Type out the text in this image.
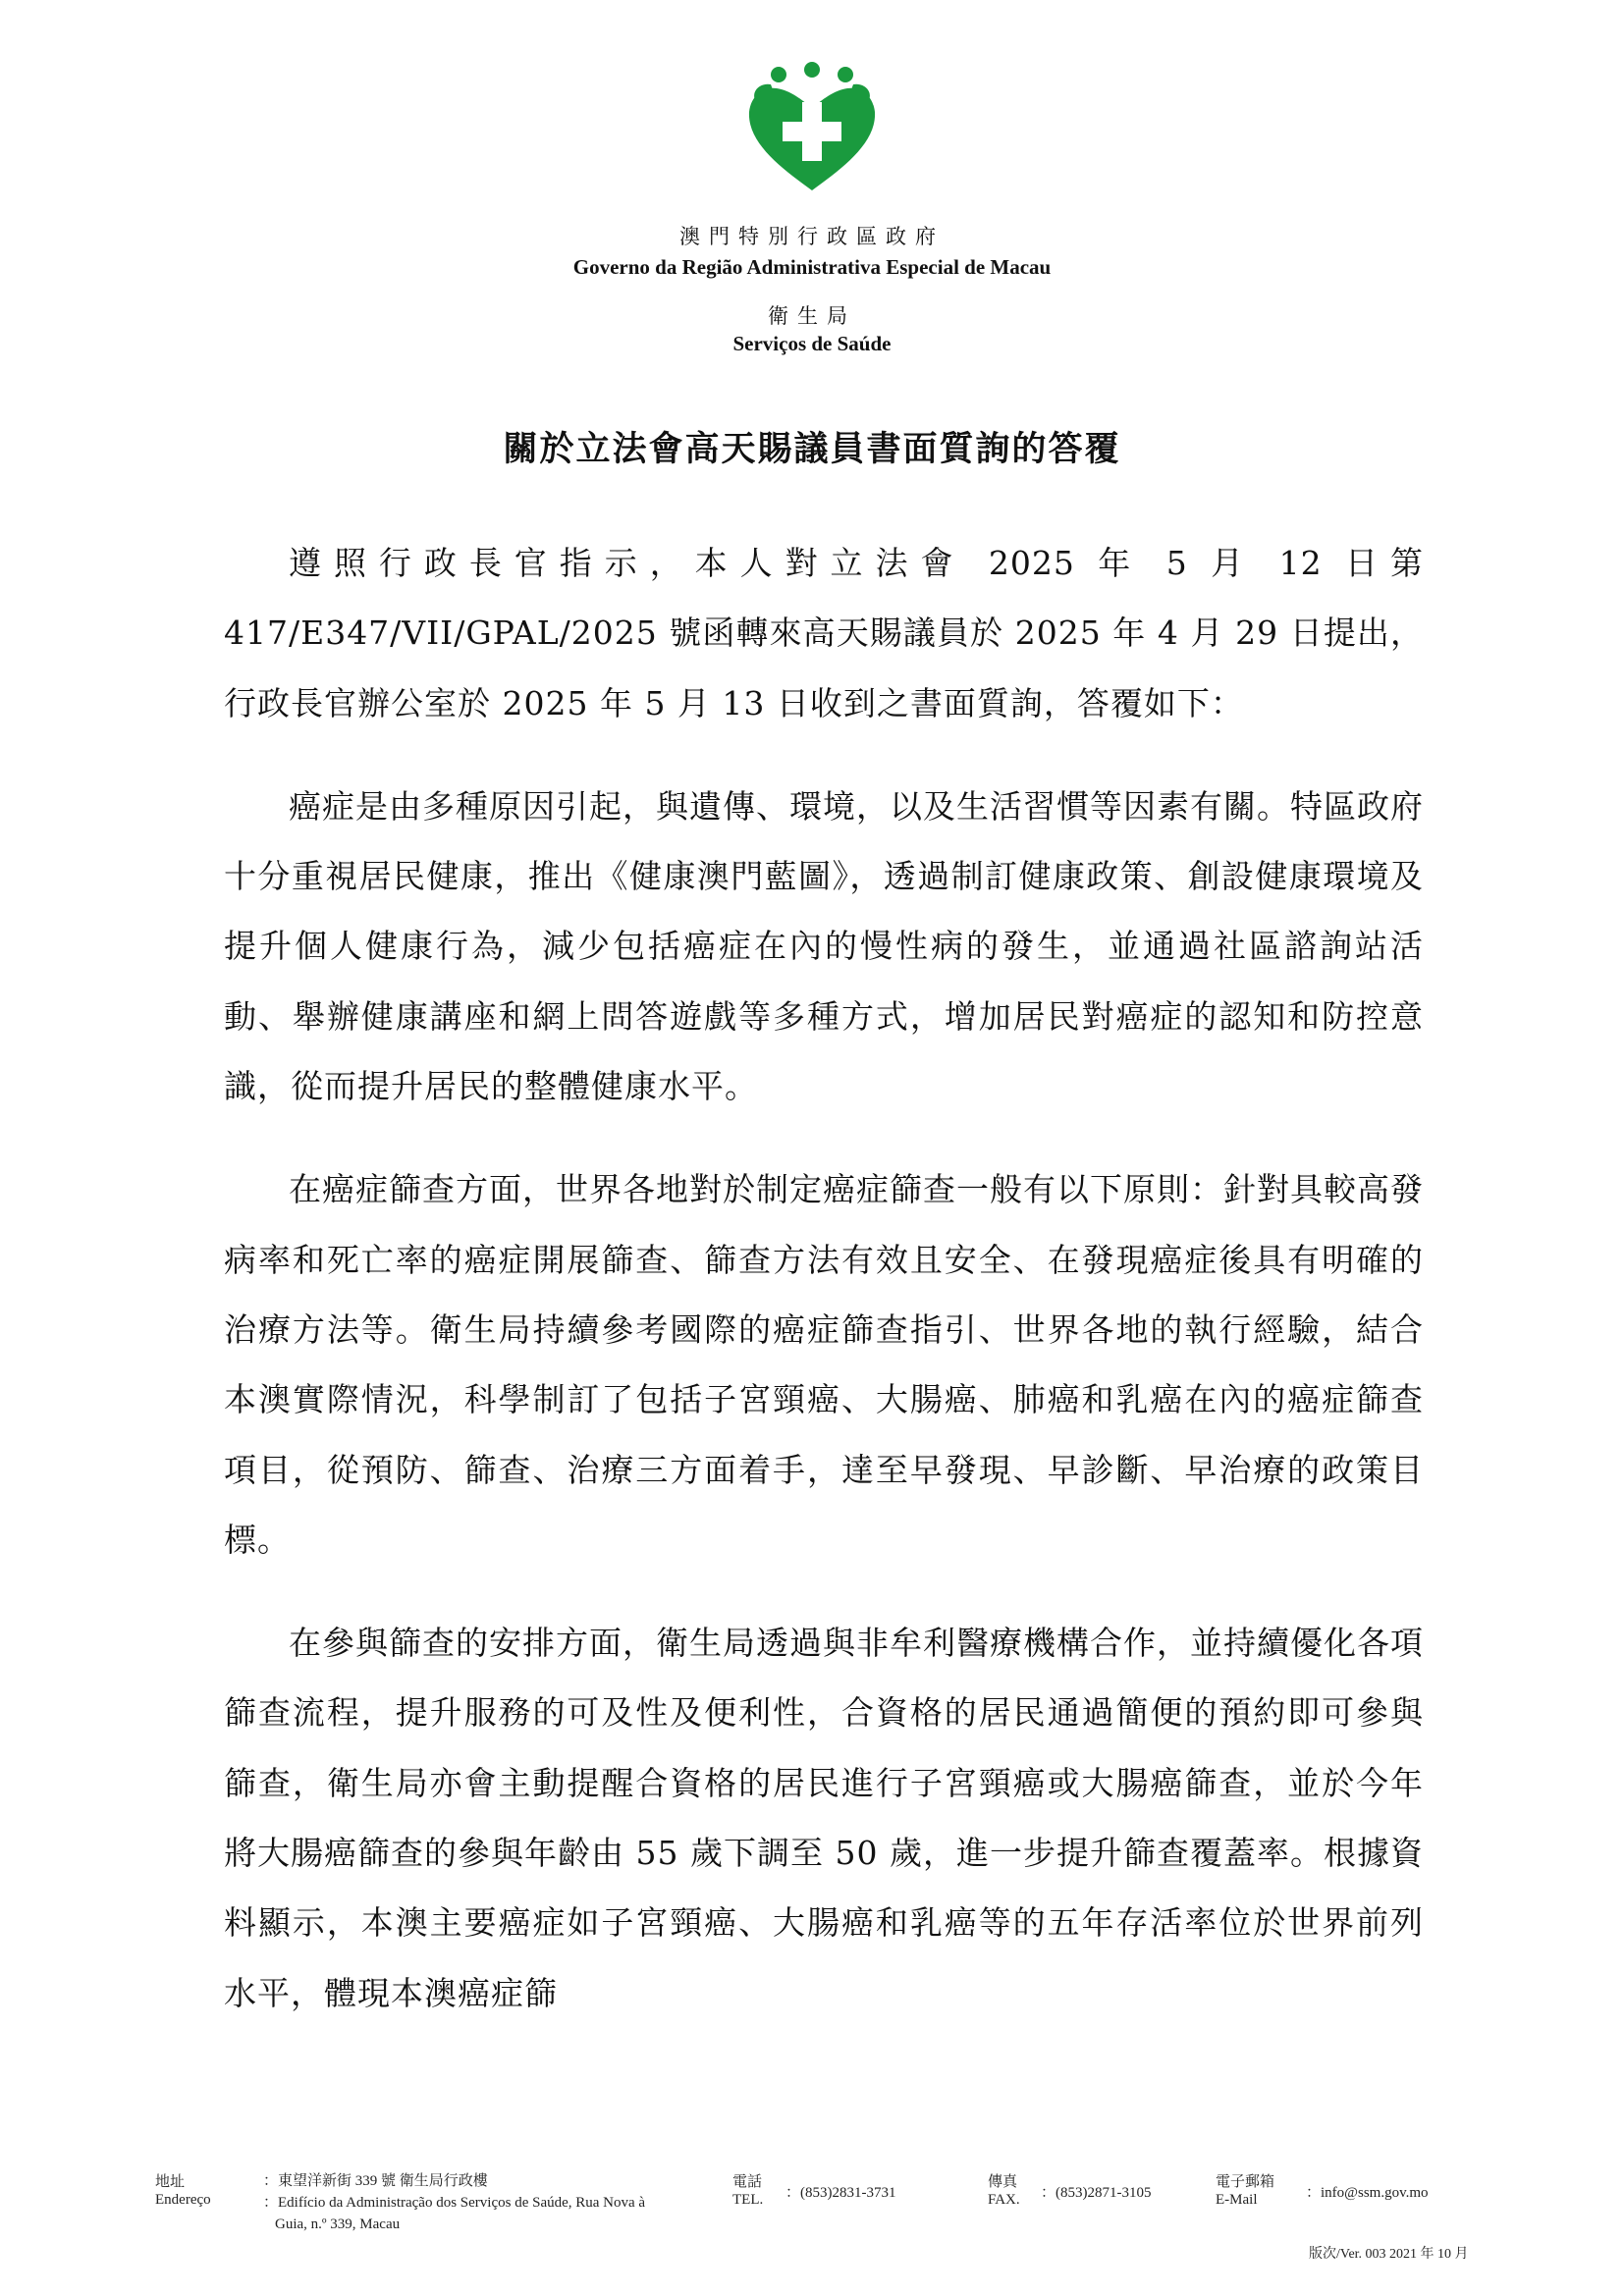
澳門特別行政區政府

Governo da Região Administrativa Especial de Macau

衛生局

Serviços de Saúde

關於立法會高天賜議員書面質詢的答覆

遵照行政長官指示，本人對立法會 2025 年 5 月 12 日第 417/E347/VII/GPAL/2025 號函轉來高天賜議員於 2025 年 4 月 29 日提出，行政長官辦公室於 2025 年 5 月 13 日收到之書面質詢，答覆如下：

癌症是由多種原因引起，與遺傳、環境，以及生活習慣等因素有關。特區政府十分重視居民健康，推出《健康澳門藍圖》，透過制訂健康政策、創設健康環境及提升個人健康行為，減少包括癌症在內的慢性病的發生，並通過社區諮詢站活動、舉辦健康講座和網上問答遊戲等多種方式，增加居民對癌症的認知和防控意識，從而提升居民的整體健康水平。

在癌症篩查方面，世界各地對於制定癌症篩查一般有以下原則：針對具較高發病率和死亡率的癌症開展篩查、篩查方法有效且安全、在發現癌症後具有明確的治療方法等。衛生局持續參考國際的癌症篩查指引、世界各地的執行經驗，結合本澳實際情況，科學制訂了包括子宮頸癌、大腸癌、肺癌和乳癌在內的癌症篩查項目，從預防、篩查、治療三方面着手，達至早發現、早診斷、早治療的政策目標。

在參與篩查的安排方面，衛生局透過與非牟利醫療機構合作，並持續優化各項篩查流程，提升服務的可及性及便利性，合資格的居民通過簡便的預約即可參與篩查，衛生局亦會主動提醒合資格的居民進行子宮頸癌或大腸癌篩查，並於今年將大腸癌篩查的參與年齡由 55 歲下調至 50 歲，進一步提升篩查覆蓋率。根據資料顯示，本澳主要癌症如子宮頸癌、大腸癌和乳癌等的五年存活率位於世界前列水平，體現本澳癌症篩

地址

Endereço

：東望洋新街 339 號 衛生局行政樓

：Edifício da Administração dos Serviços de Saúde, Rua Nova à

Guia, n.º 339, Macau

電話

TEL. ：(853)2831-3731

傳真

FAX. ：(853)2871-3105

電子郵箱

E-Mail	：info@ssm.gov.mo

版次/Ver. 003 2021 年 10 月
